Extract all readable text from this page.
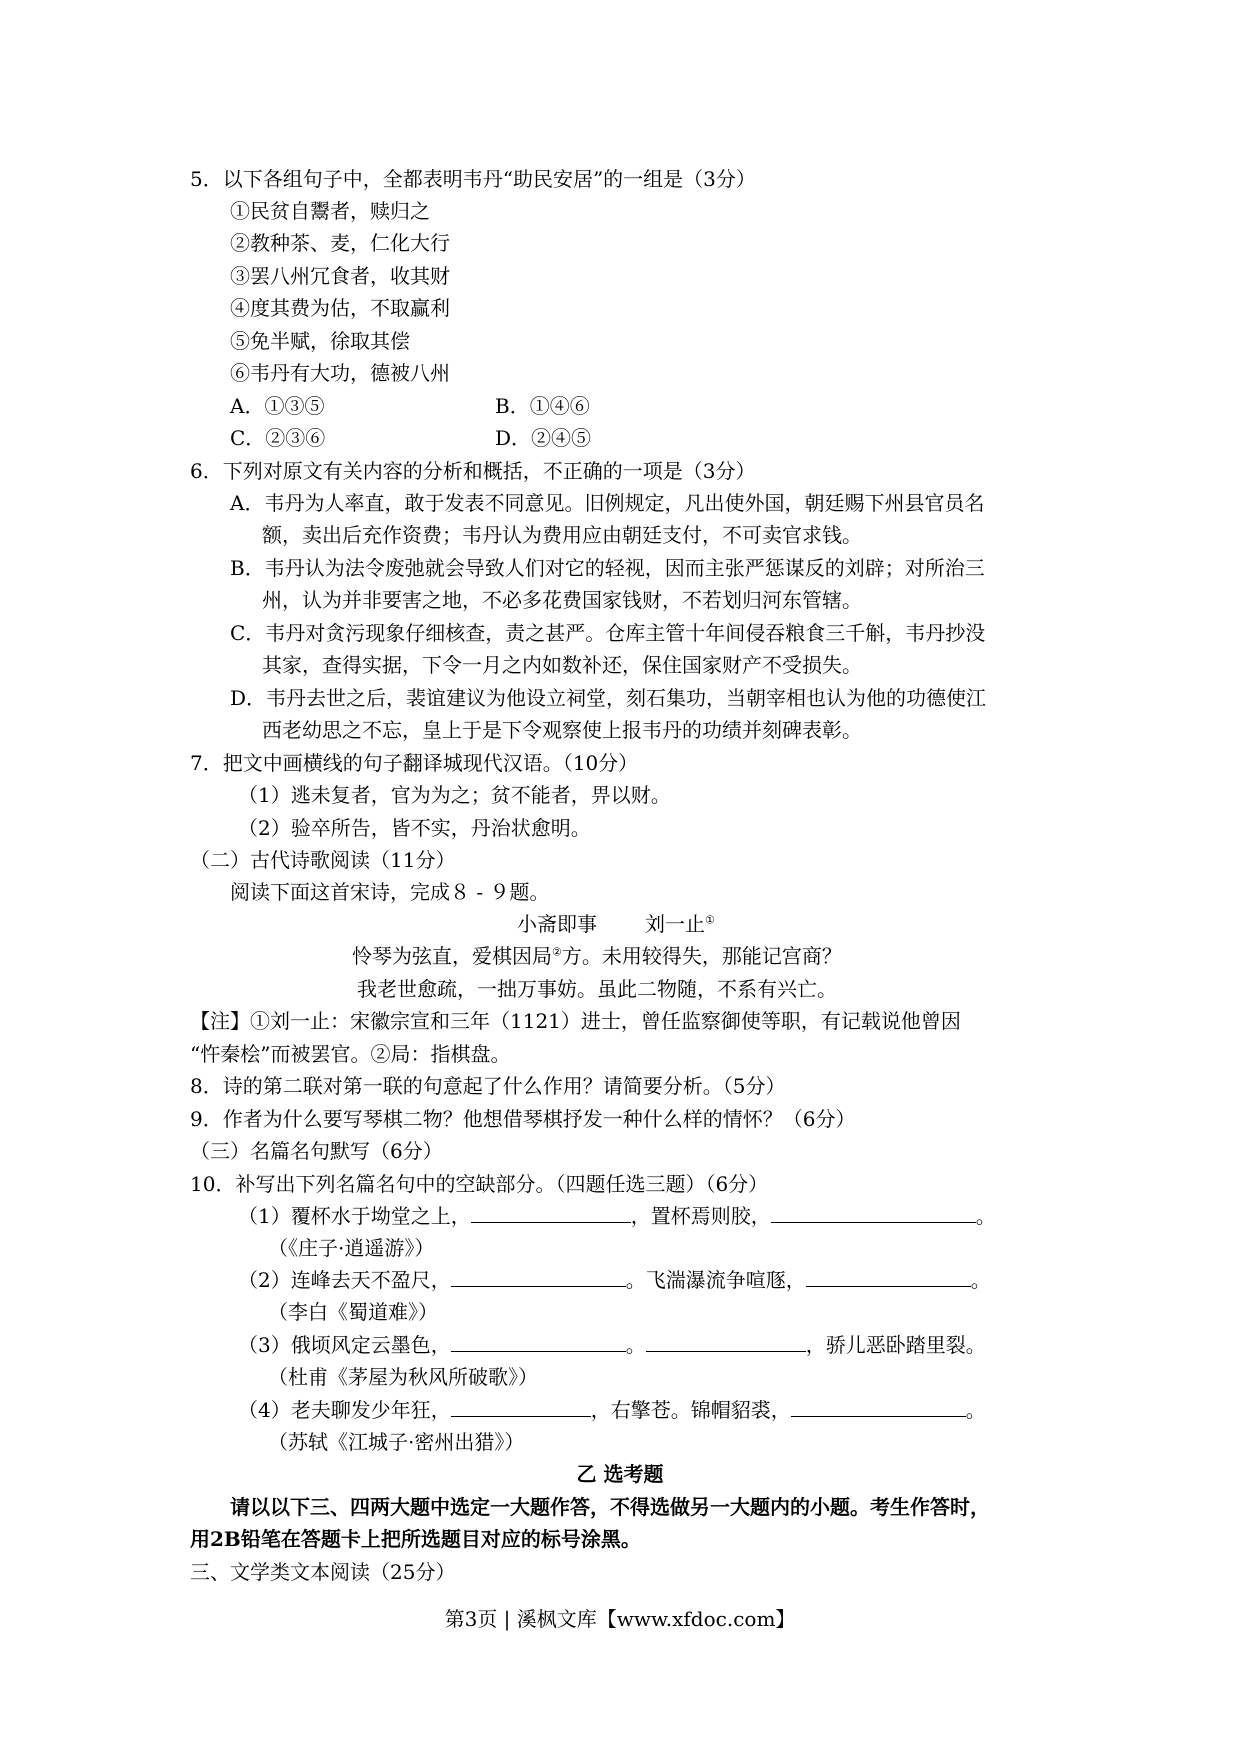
5．以下各组句子中，全都表明韦丹“助民安居”的一组是（3分）
①民贫自鬻者，赎归之
②教种茶、麦，仁化大行
③罢八州冗食者，收其财
④度其费为估，不取赢利
⑤免半赋，徐取其偿
⑥韦丹有大功，德被八州
A．①③⑤	B．①④⑥
C．②③⑥	D．②④⑤
6．下列对原文有关内容的分析和概括，不正确的一项是（3分）
A．韦丹为人率直，敢于发表不同意见。旧例规定，凡出使外国，朝廷赐下州县官员名
额，卖出后充作资费；韦丹认为费用应由朝廷支付，不可卖官求钱。
B．韦丹认为法令废弛就会导致人们对它的轻视，因而主张严惩谋反的刘辟；对所治三
州，认为并非要害之地，不必多花费国家钱财，不若划归河东管辖。
C．韦丹对贪污现象仔细核查，责之甚严。仓库主管十年间侵吞粮食三千斛，韦丹抄没
其家，查得实据，下令一月之内如数补还，保住国家财产不受损失。
D．韦丹去世之后，裴谊建议为他设立祠堂，刻石集功，当朝宰相也认为他的功德使江
西老幼思之不忘，皇上于是下令观察使上报韦丹的功绩并刻碑表彰。
7．把文中画横线的句子翻译城现代汉语。（10分）
（1）逃未复者，官为为之；贫不能者，畀以财。
（2）验卒所告，皆不实，丹治状愈明。
（二）古代诗歌阅读（11分）
阅读下面这首宋诗，完成８ - ９题。
小斋即事 刘一止①
怜琴为弦直，爱棋因局②方。未用较得失，那能记宫商？
我老世愈疏，一拙万事妨。虽此二物随，不系有兴亡。
【注】①刘一止：宋徽宗宣和三年（1121）进士，曾任监察御使等职，有记载说他曾因
“忤秦桧”而被罢官。②局：指棋盘。
8．诗的第二联对第一联的句意起了什么作用？请简要分析。（5分）
9．作者为什么要写琴棋二物？他想借琴棋抒发一种什么样的情怀？（6分）
（三）名篇名句默写（6分）
10．补写出下列名篇名句中的空缺部分。（四题任选三题）（6分）
（1）覆杯水于坳堂之上，	，置杯焉则胶，	。
（《庄子·逍遥游》）
（2）连峰去天不盈尺，	。飞湍瀑流争喧豗，	。
（李白《蜀道难》）
（3）俄顷风定云墨色，	。	，骄儿恶卧踏里裂。
（杜甫《茅屋为秋风所破歌》）
（4）老夫聊发少年狂，	，右擎苍。锦帽貂裘，	。
（苏轼《江城子·密州出猎》）
乙 选考题
请以以下三、四两大题中选定一大题作答，不得选做另一大题内的小题。考生作答时，
用2B铅笔在答题卡上把所选题目对应的标号涂黑。
三、文学类文本阅读（25分）
第3页 | 溪枫文库【www.xfdoc.com】
